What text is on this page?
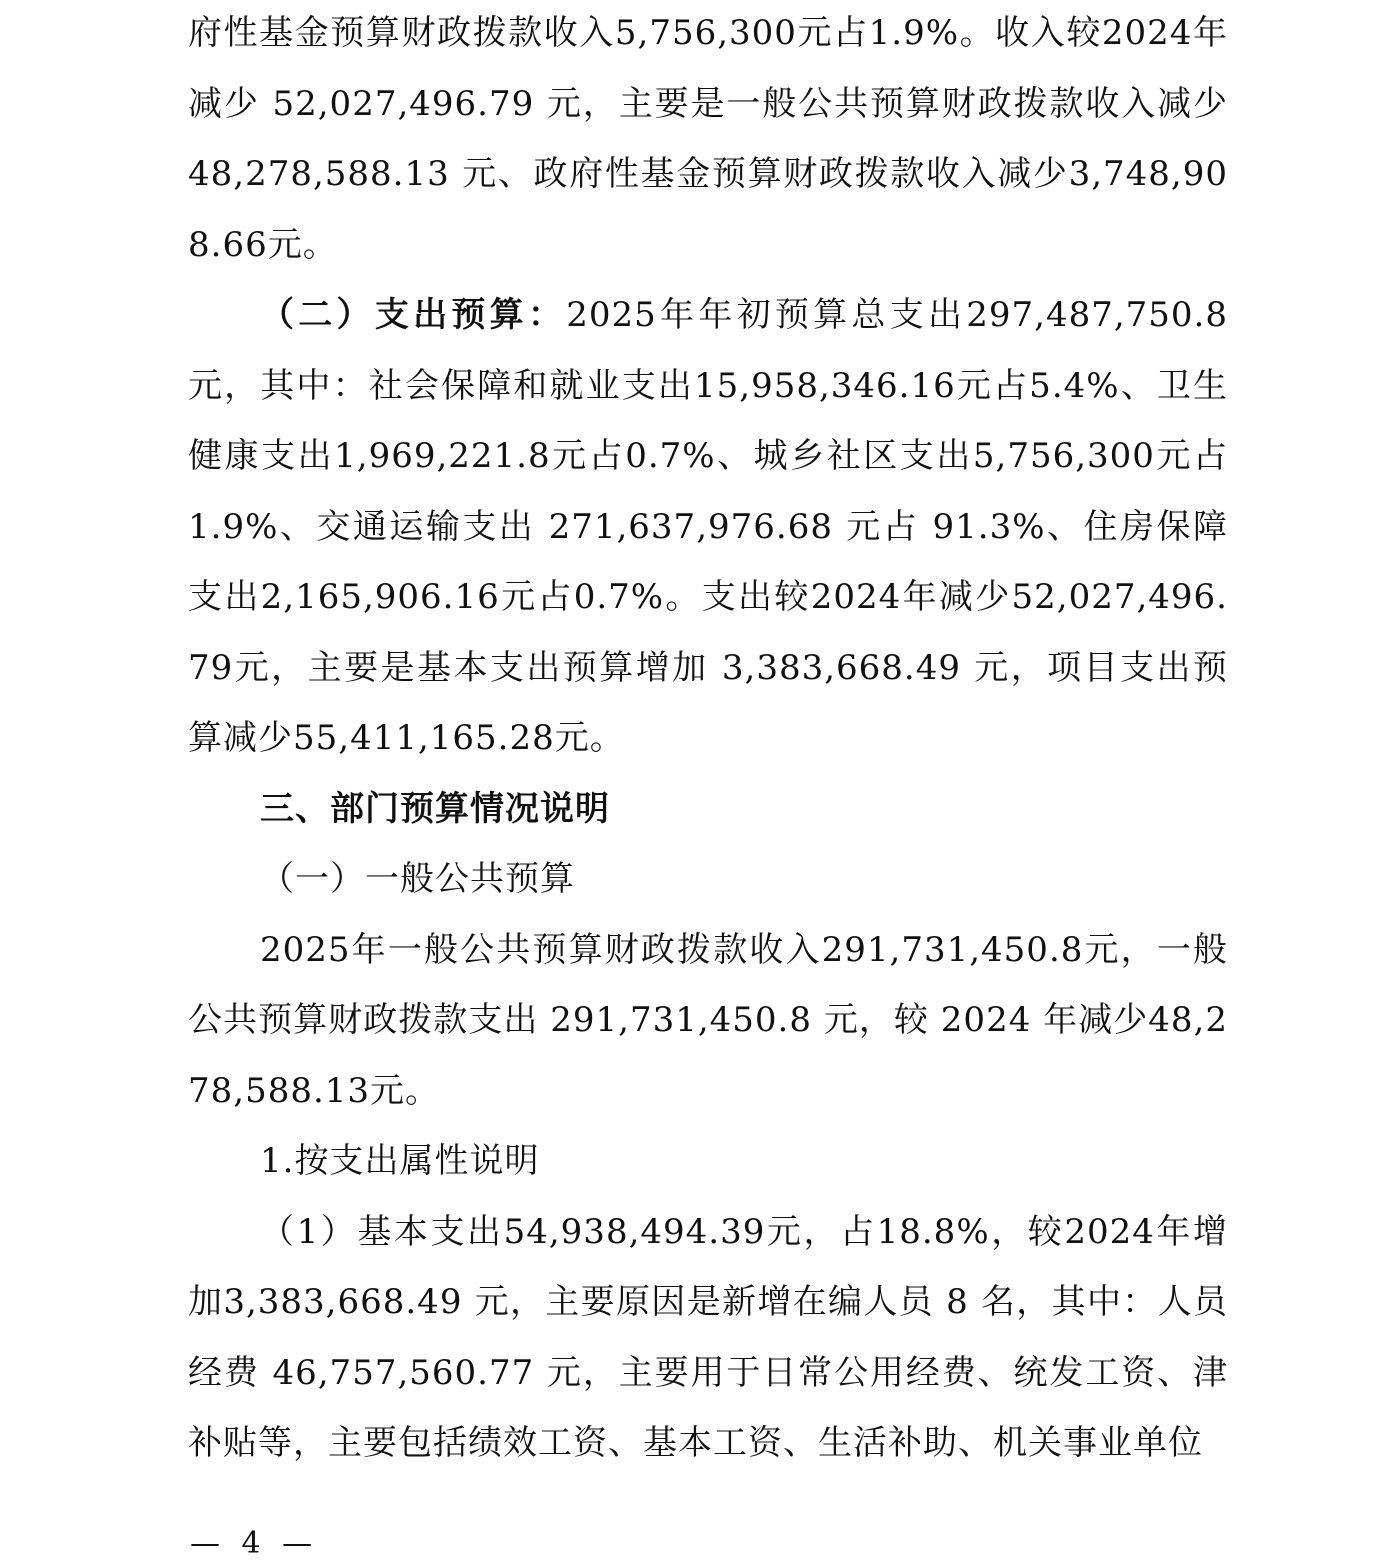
府性基金预算财政拨款收入5,756,300元占1.9%。收入较2024年减少 52,027,496.79 元，主要是一般公共预算财政拨款收入减少48,278,588.13 元、政府性基金预算财政拨款收入减少3,748,908.66元。

（二）支出预算：2025年年初预算总支出297,487,750.8元，其中：社会保障和就业支出15,958,346.16元占5.4%、卫生健康支出1,969,221.8元占0.7%、城乡社区支出5,756,300元占1.9%、交通运输支出 271,637,976.68 元占 91.3%、住房保障支出2,165,906.16元占0.7%。支出较2024年减少52,027,496.79元，主要是基本支出预算增加 3,383,668.49 元，项目支出预算减少55,411,165.28元。

三、部门预算情况说明

（一）一般公共预算

2025年一般公共预算财政拨款收入291,731,450.8元，一般公共预算财政拨款支出 291,731,450.8 元，较 2024 年减少48,278,588.13元。

1.按支出属性说明

（1）基本支出54,938,494.39元，占18.8%，较2024年增加3,383,668.49 元，主要原因是新增在编人员 8 名，其中：人员经费 46,757,560.77 元，主要用于日常公用经费、统发工资、津补贴等，主要包括绩效工资、基本工资、生活补助、机关事业单位

— 4 —
